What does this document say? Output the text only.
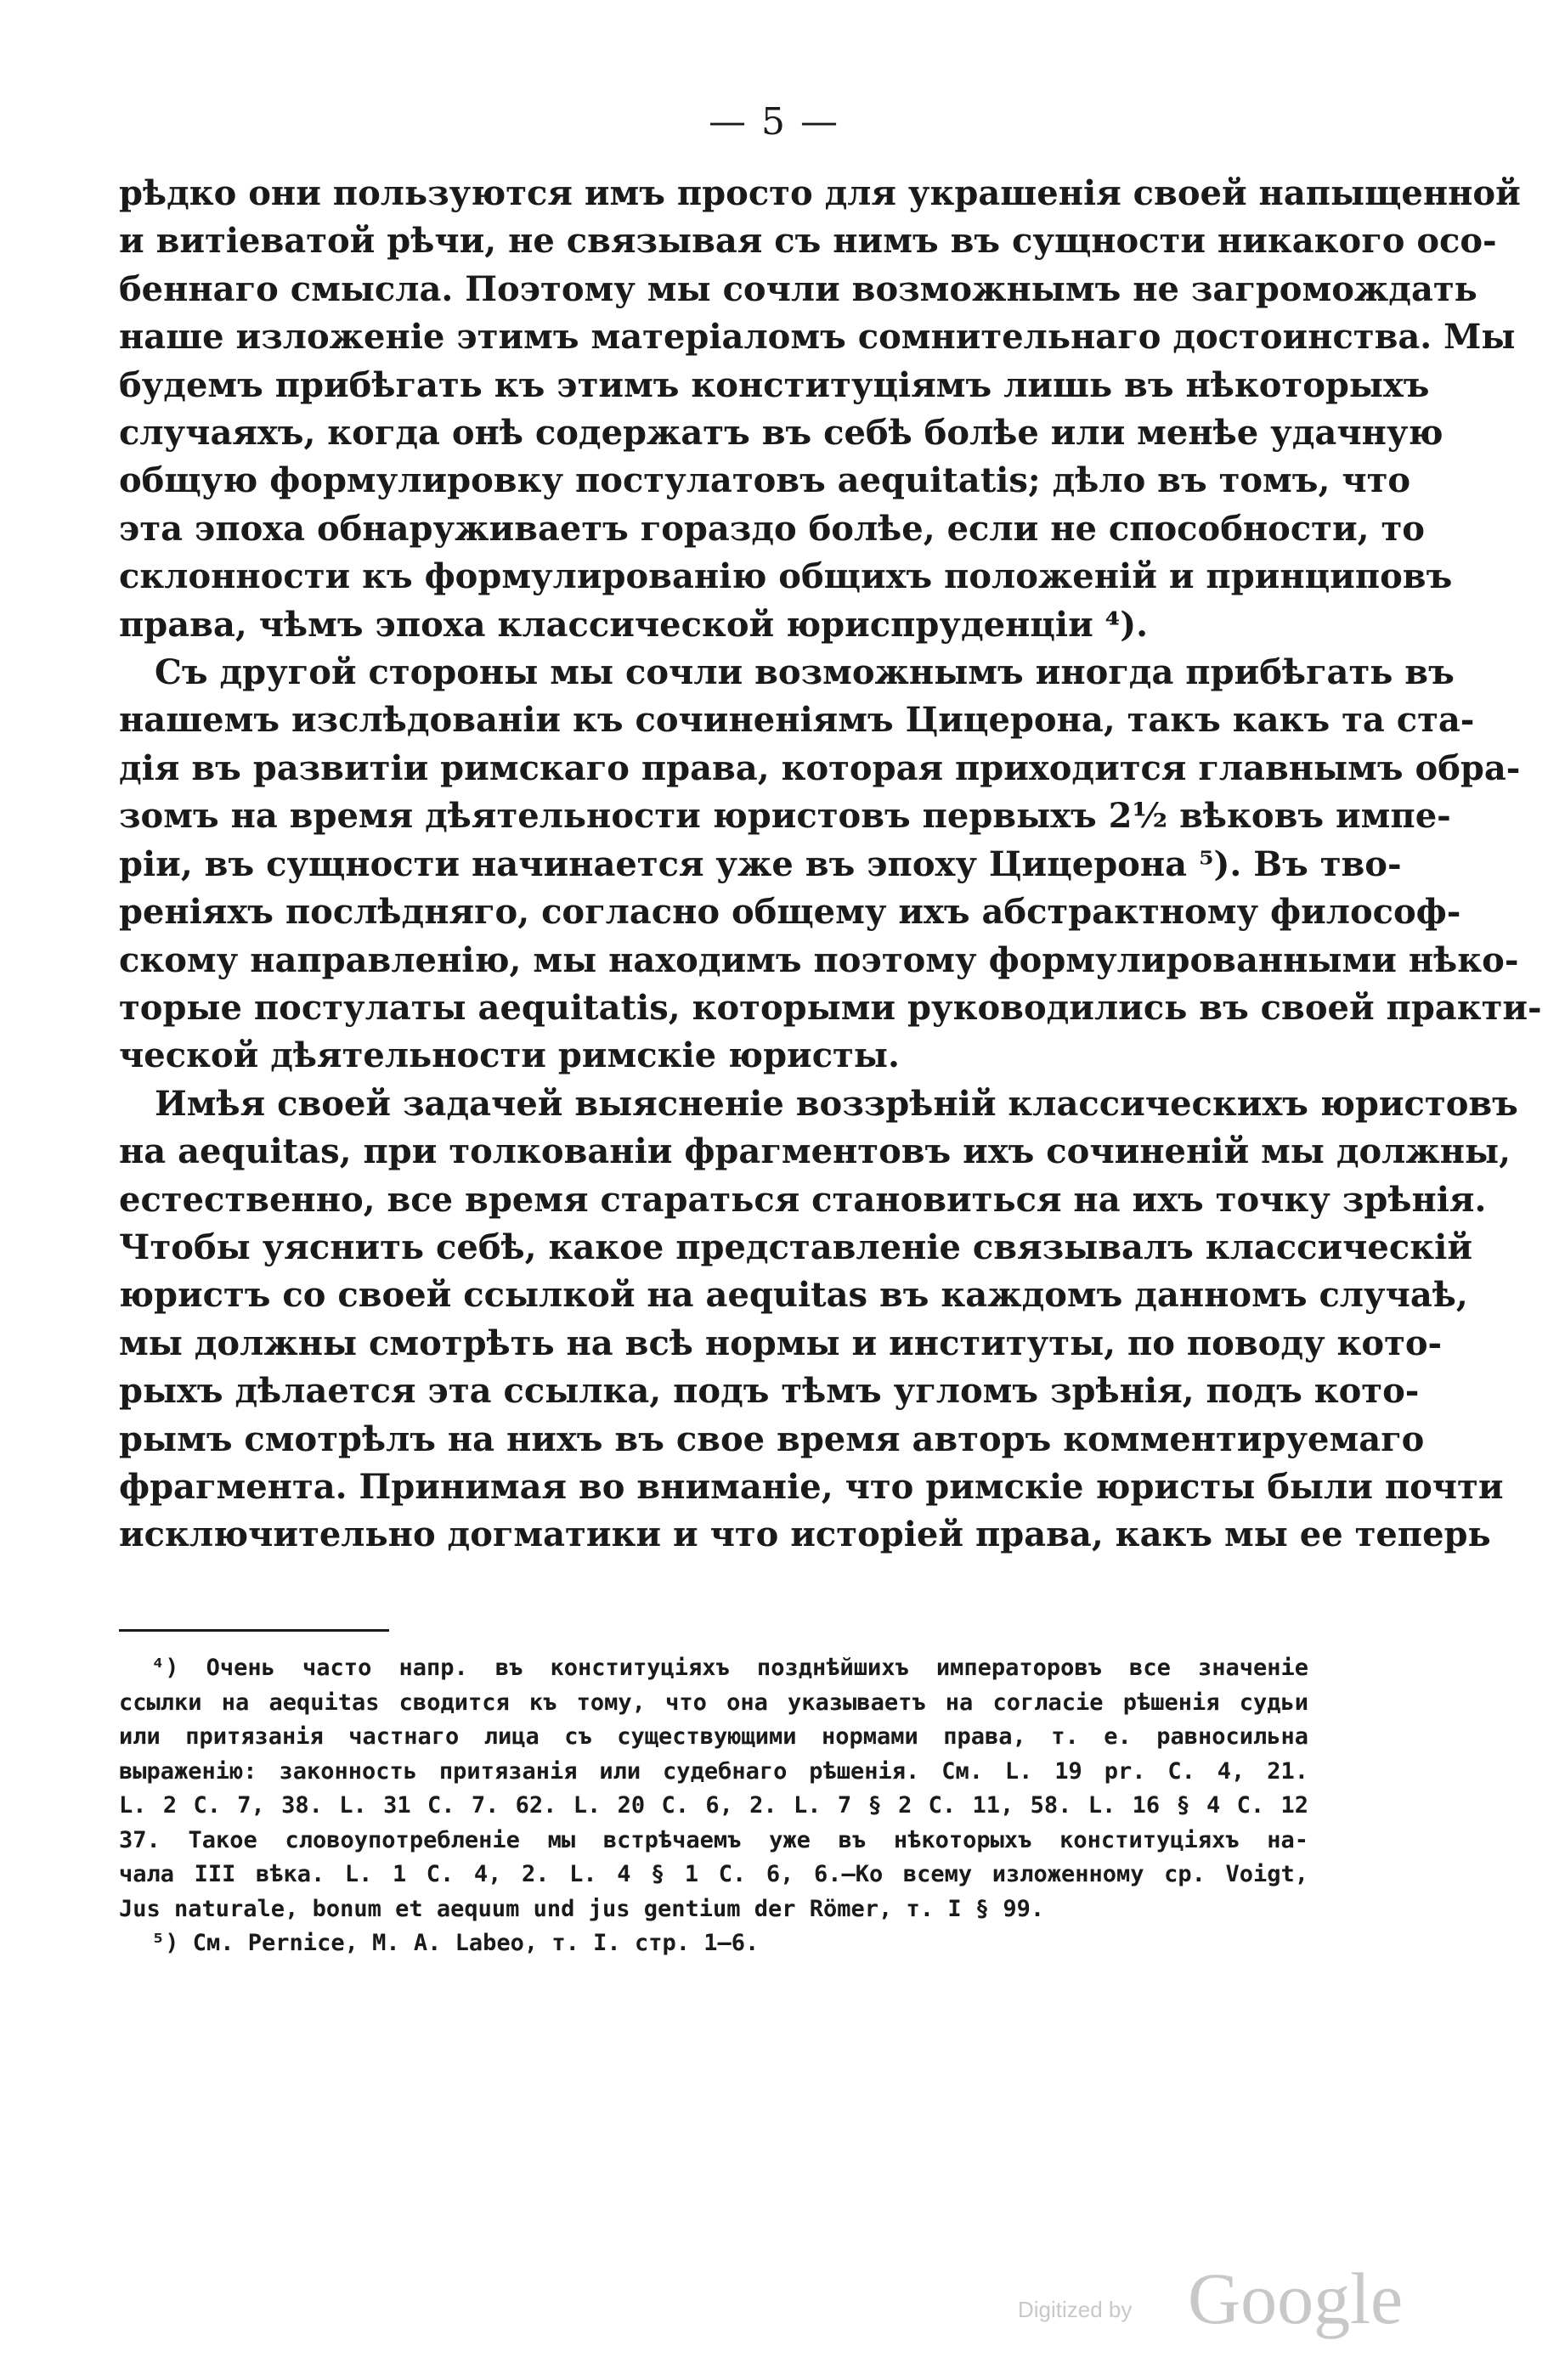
— 5 —
рѣдко они пользуются имъ просто для украшенія своей напыщенной
и витіеватой рѣчи, не связывая съ нимъ въ сущности никакого осо-
беннаго смысла. Поэтому мы сочли возможнымъ не загромождать
наше изложеніе этимъ матеріаломъ сомнительнаго достоинства. Мы
будемъ прибѣгать къ этимъ конституціямъ лишь въ нѣкоторыхъ
случаяхъ, когда онѣ содержатъ въ себѣ болѣе или менѣе удачную
общую формулировку постулатовъ aequitatis; дѣло въ томъ, что
эта эпоха обнаруживаетъ гораздо болѣе, если не способности, то
склонности къ формулированію общихъ положеній и принциповъ
права, чѣмъ эпоха классической юриспруденціи ⁴).
Съ другой стороны мы сочли возможнымъ иногда прибѣгать въ
нашемъ изслѣдованіи къ сочиненіямъ Цицерона, такъ какъ та ста-
дія въ развитіи римскаго права, которая приходится главнымъ обра-
зомъ на время дѣятельности юристовъ первыхъ 2½ вѣковъ импе-
ріи, въ сущности начинается уже въ эпоху Цицерона ⁵). Въ тво-
реніяхъ послѣдняго, согласно общему ихъ абстрактному философ-
скому направленію, мы находимъ поэтому формулированными нѣко-
торые постулаты aequitatis, которыми руководились въ своей практи-
ческой дѣятельности римскіе юристы.
Имѣя своей задачей выясненіе воззрѣній классическихъ юристовъ
на aequitas, при толкованіи фрагментовъ ихъ сочиненій мы должны,
естественно, все время стараться становиться на ихъ точку зрѣнія.
Чтобы уяснить себѣ, какое представленіе связывалъ классическій
юристъ со своей ссылкой на aequitas въ каждомъ данномъ случаѣ,
мы должны смотрѣть на всѣ нормы и институты, по поводу кото-
рыхъ дѣлается эта ссылка, подъ тѣмъ угломъ зрѣнія, подъ кото-
рымъ смотрѣлъ на нихъ въ свое время авторъ комментируемаго
фрагмента. Принимая во вниманіе, что римскіе юристы были почти
исключительно догматики и что исторіей права, какъ мы ее теперь
⁴) Очень часто напр. въ конституціяхъ позднѣйшихъ императоровъ все значеніе
ссылки на aequitas сводится къ тому, что она указываетъ на согласіе рѣшенія судьи
или притязанія частнаго лица съ существующими нормами права, т. е. равносильна
выраженію: законность притязанія или судебнаго рѣшенія. См. L. 19 pr. C. 4, 21.
L. 2 C. 7, 38. L. 31 C. 7. 62. L. 20 C. 6, 2. L. 7 § 2 C. 11, 58. L. 16 § 4 C. 12
37. Такое словоупотребленіе мы встрѣчаемъ уже въ нѣкоторыхъ конституціяхъ на-
чала III вѣка. L. 1 C. 4, 2. L. 4 § 1 C. 6, 6.—Ко всему изложенному ср. Voigt,
Jus naturale, bonum et aequum und jus gentium der Römer, т. I § 99.
⁵) См. Pernice, M. A. Labeo, т. I. стр. 1—6.
Digitized by Google
